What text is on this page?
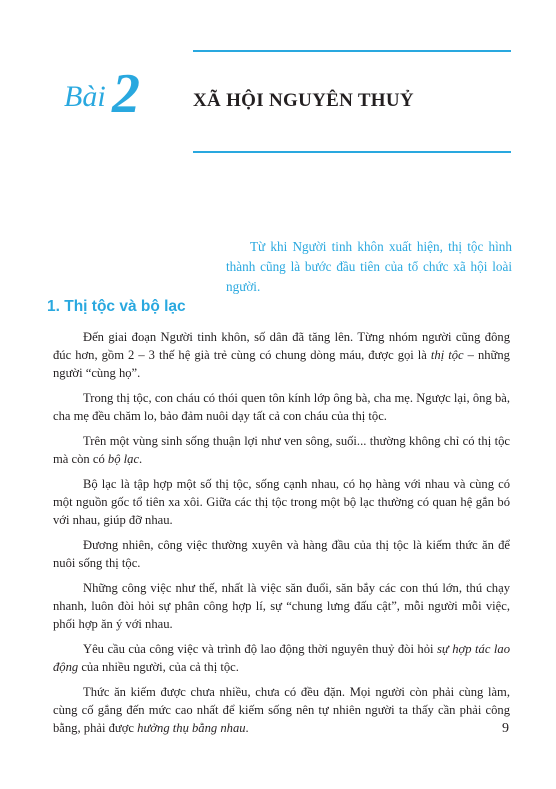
Bài 2	XÃ HỘI NGUYÊN THUỶ
Từ khi Người tinh khôn xuất hiện, thị tộc hình thành cũng là bước đầu tiên của tổ chức xã hội loài người.
1. Thị tộc và bộ lạc

Đến giai đoạn Người tinh khôn, số dân đã tăng lên. Từng nhóm người cũng đông đúc hơn, gồm 2 – 3 thế hệ già trẻ cùng có chung dòng máu, được gọi là thị tộc – những người “cùng họ”.

Trong thị tộc, con cháu có thói quen tôn kính lớp ông bà, cha mẹ. Ngược lại, ông bà, cha mẹ đều chăm lo, bảo đảm nuôi dạy tất cả con cháu của thị tộc.

Trên một vùng sinh sống thuận lợi như ven sông, suối... thường không chỉ có thị tộc mà còn có bộ lạc.

Bộ lạc là tập hợp một số thị tộc, sống cạnh nhau, có họ hàng với nhau và cùng có một nguồn gốc tổ tiên xa xôi. Giữa các thị tộc trong một bộ lạc thường có quan hệ gắn bó với nhau, giúp đỡ nhau.

Đương nhiên, công việc thường xuyên và hàng đầu của thị tộc là kiếm thức ăn để nuôi sống thị tộc.

Những công việc như thế, nhất là việc săn đuổi, săn bắy các con thú lớn, thú chạy nhanh, luôn đòi hỏi sự phân công hợp lí, sự “chung lưng đấu cật”, mỗi người mỗi việc, phối hợp ăn ý với nhau.

Yêu cầu của công việc và trình độ lao động thời nguyên thuỷ đòi hỏi sự hợp tác lao động của nhiều người, của cả thị tộc.

Thức ăn kiếm được chưa nhiều, chưa có đều đặn. Mọi người còn phải cùng làm, cùng cố gắng đến mức cao nhất để kiếm sống nên tự nhiên người ta thấy cần phải công bằng, phải được hưởng thụ bằng nhau.	9
